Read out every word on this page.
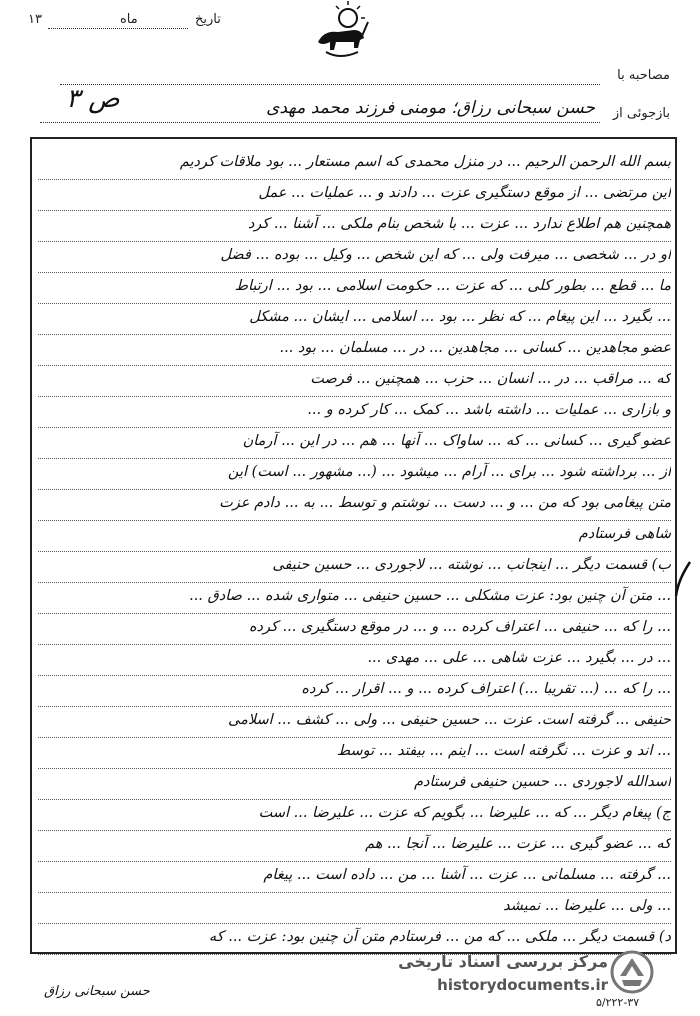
۱۳	ماه	تاریخ
مصاحبه با
ص ۳	بازجوئی از
حسن سبحانی رزاق؛ مومنی فرزند محمد مهدی
بسم الله الرحمن الرحیم ... در منزل محمدی که اسم مستعار ... بود ملاقات کردیم
این مرتضی ... از موقع دستگیری عزت ... دادند و ... عملیات ... عمل
همچنین هم اطلاع ندارد ... عزت ... با شخص بنام ملکی ... آشنا ... کرد
او در ... شخصی ... میرفت ولی ... که این شخص ... وکیل ... بوده ... فضل
ما ... قطع ... بطور کلی ... که عزت ... حکومت اسلامی ... بود ... ارتباط
... بگیرد ... این پیغام ... که نظر ... بود ... اسلامی ... ایشان ... مشکل
عضو مجاهدین ... کسانی ... مجاهدین ... در ... مسلمان ... بود ...
که ... مراقب ... در ... انسان ... حزب ... همچنین ... فرصت
و بازاری ... عملیات ... داشته باشد ... کمک ... کار کرده و ...
عضو گیری ... کسانی ... که ... ساواک ... آنها ... هم ... در این ... آرمان
از ... برداشته شود ... برای ... آرام ... میشود ... (... مشهور ... است) این
متن پیغامی بود که من ... و ... دست ... نوشتم و توسط ... به ... دادم عزت
شاهی فرستادم
ب) قسمت دیگر ... اینجانب ... نوشته ... لاجوردی ... حسین حنیفی
... متن آن چنین بود: عزت مشکلی ... حسین حنیفی ... متواری شده ... صادق ...
... را که ... حنیفی ... اعتراف کرده ... و ... در موقع دستگیری ... کرده
... در ... بگیرد ... عزت شاهی ... علی ... مهدی ...
... را که ... (... تقریبا ...) اعتراف کرده ... و ... اقرار ... کرده
حنیفی ... گرفته است. عزت ... حسین حنیفی ... ولی ... کشف ... اسلامی
... اند و عزت ... نگرفته است ... اینم ... بیفتد ... توسط
اسدالله لاجوردی ... حسین حنیفی فرستادم
ج) پیغام دیگر ... که ... علیرضا ... بگویم که عزت ... علیرضا ... است
که ... عضو گیری ... عزت ... علیرضا ... آنجا ... هم
... گرفته ... مسلمانی ... عزت ... آشنا ... من ... داده است ... پیغام
... ولی ... علیرضا ... نمیشد
د) قسمت دیگر ... ملکی ... که من ... فرستادم متن آن چنین بود: عزت ... که
حسن سبحانی رزاق
۵/۲۲۲-۳۷
مرکز بررسی اسناد تاریخی
historydocuments.ir
